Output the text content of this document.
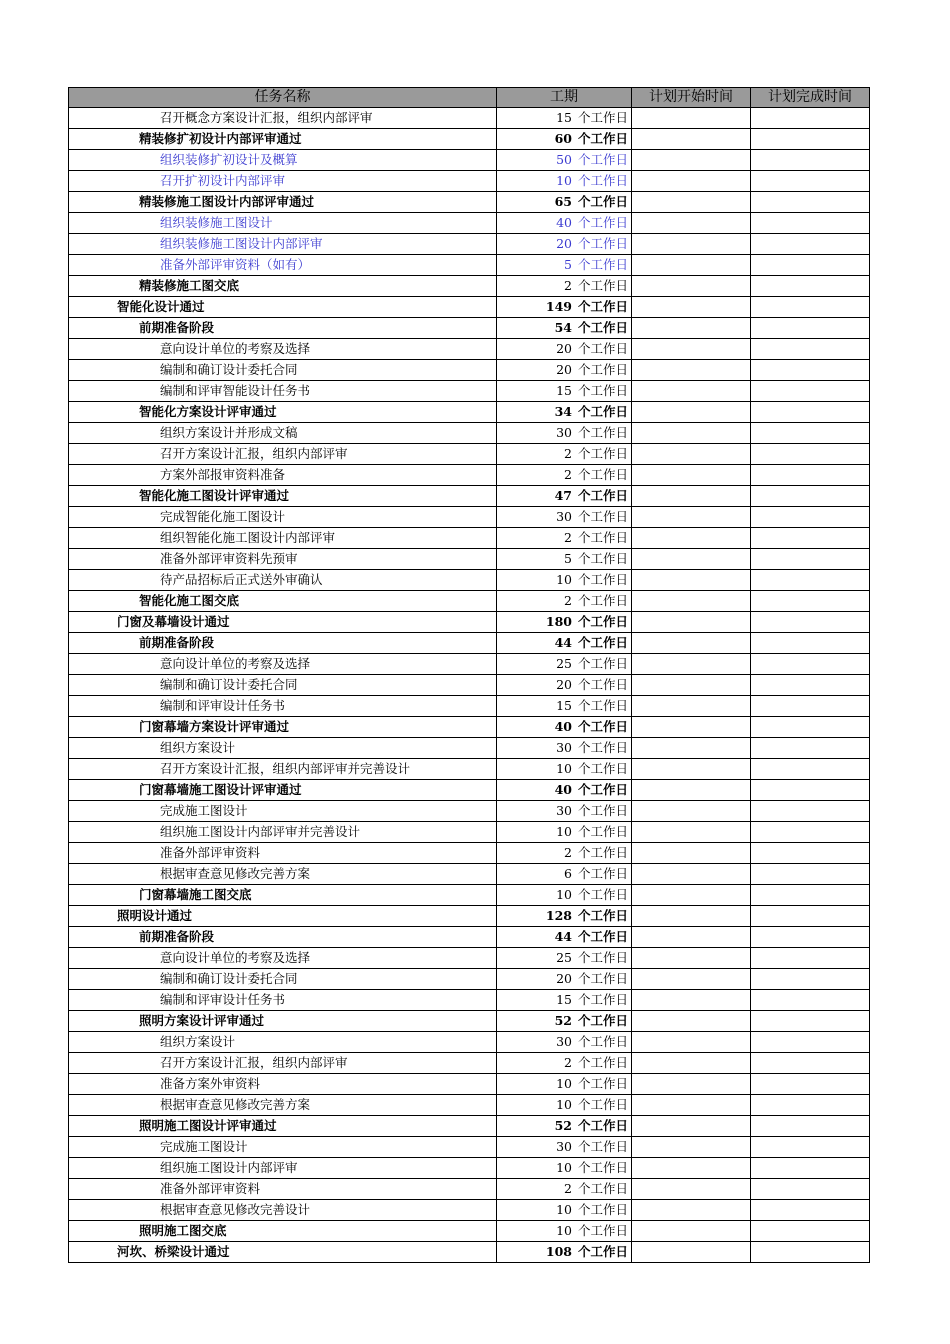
任务名称	工期	计划开始时间	计划完成时间
召开概念方案设计汇报，组织内部评审	15 个工作日		
精装修扩初设计内部评审通过	60 个工作日		
组织装修扩初设计及概算	50 个工作日		
召开扩初设计内部评审	10 个工作日		
精装修施工图设计内部评审通过	65 个工作日		
组织装修施工图设计	40 个工作日		
组织装修施工图设计内部评审	20 个工作日		
准备外部评审资料（如有）	5 个工作日		
精装修施工图交底	2 个工作日		
智能化设计通过	149 个工作日		
前期准备阶段	54 个工作日		
意向设计单位的考察及选择	20 个工作日		
编制和确订设计委托合同	20 个工作日		
编制和评审智能设计任务书	15 个工作日		
智能化方案设计评审通过	34 个工作日		
组织方案设计并形成文稿	30 个工作日		
召开方案设计汇报，组织内部评审	2 个工作日		
方案外部报审资料准备	2 个工作日		
智能化施工图设计评审通过	47 个工作日		
完成智能化施工图设计	30 个工作日		
组织智能化施工图设计内部评审	2 个工作日		
准备外部评审资料先预审	5 个工作日		
待产品招标后正式送外审确认	10 个工作日		
智能化施工图交底	2 个工作日		
门窗及幕墙设计通过	180 个工作日		
前期准备阶段	44 个工作日		
意向设计单位的考察及选择	25 个工作日		
编制和确订设计委托合同	20 个工作日		
编制和评审设计任务书	15 个工作日		
门窗幕墙方案设计评审通过	40 个工作日		
组织方案设计	30 个工作日		
召开方案设计汇报，组织内部评审并完善设计	10 个工作日		
门窗幕墙施工图设计评审通过	40 个工作日		
完成施工图设计	30 个工作日		
组织施工图设计内部评审并完善设计	10 个工作日		
准备外部评审资料	2 个工作日		
根据审查意见修改完善方案	6 个工作日		
门窗幕墙施工图交底	10 个工作日		
照明设计通过	128 个工作日		
前期准备阶段	44 个工作日		
意向设计单位的考察及选择	25 个工作日		
编制和确订设计委托合同	20 个工作日		
编制和评审设计任务书	15 个工作日		
照明方案设计评审通过	52 个工作日		
组织方案设计	30 个工作日		
召开方案设计汇报，组织内部评审	2 个工作日		
准备方案外审资料	10 个工作日		
根据审查意见修改完善方案	10 个工作日		
照明施工图设计评审通过	52 个工作日		
完成施工图设计	30 个工作日		
组织施工图设计内部评审	10 个工作日		
准备外部评审资料	2 个工作日		
根据审查意见修改完善设计	10 个工作日		
照明施工图交底	10 个工作日		
河坎、桥梁设计通过	108 个工作日		
